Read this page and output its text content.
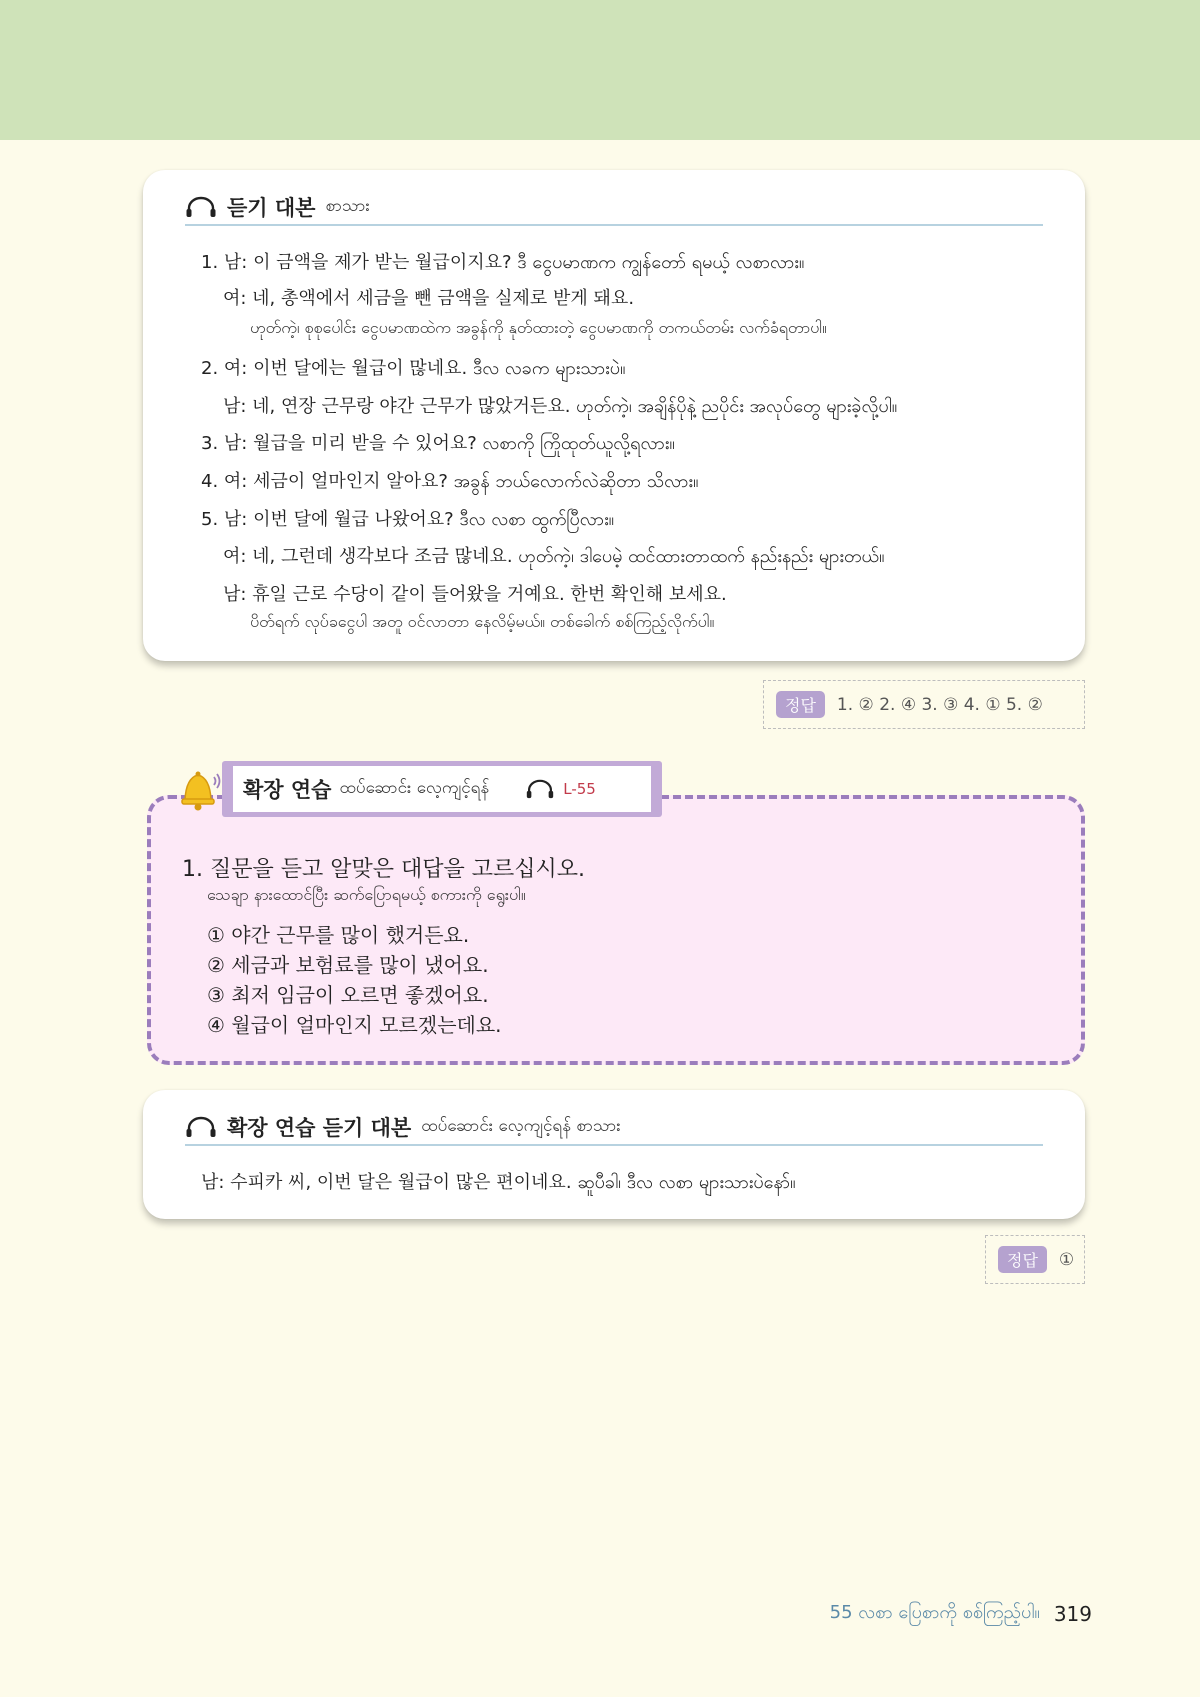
듣기 대본 စာသား
1. 남: 이 금액을 제가 받는 월급이지요? ဒီ ငွေပမာဏက ကျွန်တော် ရမယ့် လစာလား။
여: 네, 총액에서 세금을 뺀 금액을 실제로 받게 돼요.
ဟုတ်ကဲ့၊ စုစုပေါင်း ငွေပမာဏထဲက အခွန်ကို နုတ်ထားတဲ့ ငွေပမာဏကို တကယ်တမ်း လက်ခံရတာပါ။
2. 여: 이번 달에는 월급이 많네요. ဒီလ လခက များသားပဲ။
남: 네, 연장 근무랑 야간 근무가 많았거든요. ဟုတ်ကဲ့၊ အချိန်ပိုနဲ့ ညပိုင်း အလုပ်တွေ များခဲ့လို့ပါ။
3. 남: 월급을 미리 받을 수 있어요? လစာကို ကြိုထုတ်ယူလို့ရလား။
4. 여: 세금이 얼마인지 알아요? အခွန် ဘယ်လောက်လဲဆိုတာ သိလား။
5. 남: 이번 달에 월급 나왔어요? ဒီလ လစာ ထွက်ပြီလား။
여: 네, 그런데 생각보다 조금 많네요. ဟုတ်ကဲ့၊ ဒါပေမဲ့ ထင်ထားတာထက် နည်းနည်း များတယ်။
남: 휴일 근로 수당이 같이 들어왔을 거예요. 한번 확인해 보세요.
ပိတ်ရက် လုပ်ခငွေပါ အတူ ဝင်လာတာ နေလိမ့်မယ်။ တစ်ခေါက် စစ်ကြည့်လိုက်ပါ။
정답	1. ② 2. ④ 3. ③ 4. ① 5. ②
확장 연습 ထပ်ဆောင်း လေ့ကျင့်ရန်	L-55
1. 질문을 듣고 알맞은 대답을 고르십시오.
သေချာ နားထောင်ပြီး ဆက်ပြောရမယ့် စကားကို ရွေးပါ။
① 야간 근무를 많이 했거든요.
② 세금과 보험료를 많이 냈어요.
③ 최저 임금이 오르면 좋겠어요.
④ 월급이 얼마인지 모르겠는데요.
확장 연습 듣기 대본 ထပ်ဆောင်း လေ့ကျင့်ရန် စာသား
남: 수피카 씨, 이번 달은 월급이 많은 편이네요. ဆူပီခါ၊ ဒီလ လစာ များသားပဲနော်။
정답	①
55 လစာ ပြေစာကို စစ်ကြည့်ပါ။ 319
